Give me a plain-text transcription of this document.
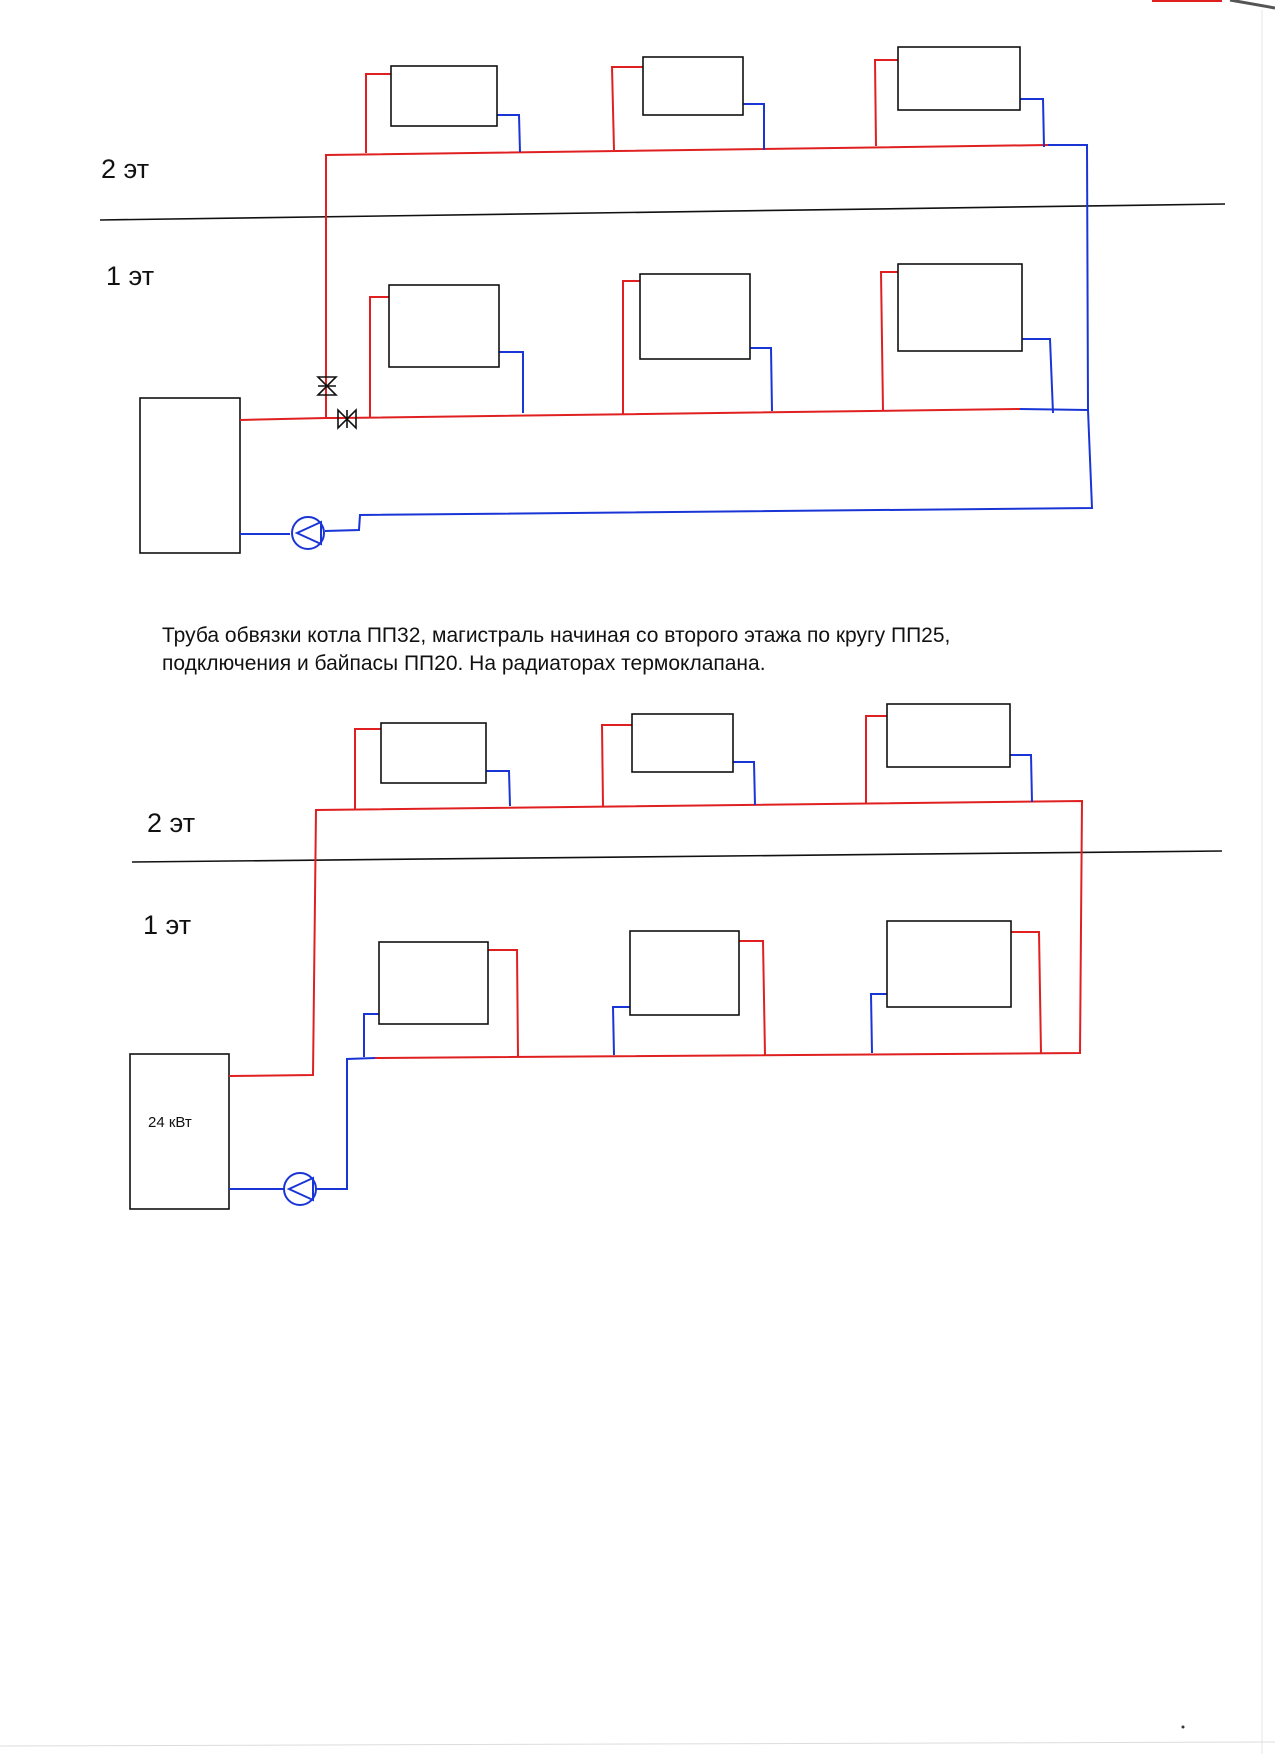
2 эт
1 эт
2 эт
1 эт
24 кВт
Труба обвязки котла ПП32, магистраль начиная со второго этажа по кругу ПП25,
подключения и байпасы ПП20. На радиаторах термоклапана.
